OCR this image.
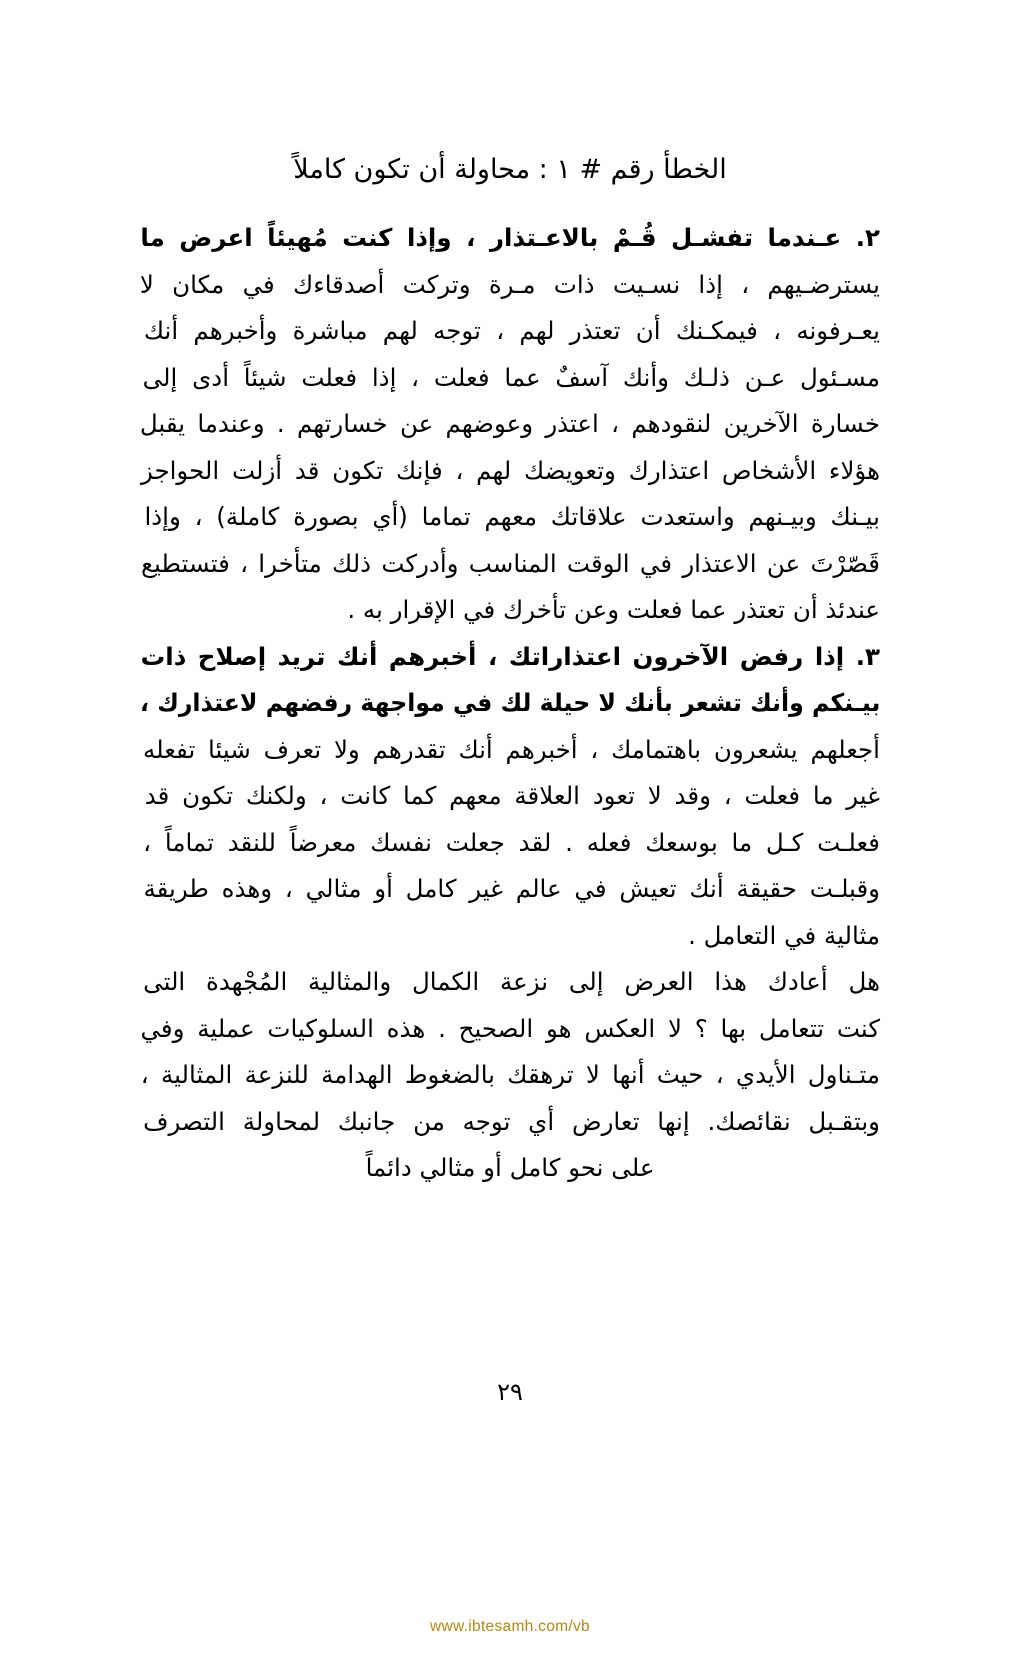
الخطأ رقم # ١ : محاولة أن تكون كاملاً
٢. عـندما تفشـل قُـمْ بالاعـتذار ، وإذا كنت مُهيئاً اعرض ما
يسترضـيهم ، إذا نسـيت ذات مـرة وتركت أصدقاءك في مكان لا
يعـرفونه ، فيمكـنك أن تعتذر لهم ، توجه لهم مباشرة وأخبرهم أنك
مسـئول عـن ذلـك وأنك آسفٌ عما فعلت ، إذا فعلت شيئاً أدى إلى
خسارة الآخرين لنقودهم ، اعتذر وعوضهم عن خسارتهم . وعندما يقبل
هؤلاء الأشخاص اعتذارك وتعويضك لهم ، فإنك تكون قد أزلت الحواجز
بيـنك وبيـنهم واستعدت علاقاتك معهم تماما (أي بصورة كاملة) ، وإذا
قَصّرْتَ عن الاعتذار في الوقت المناسب وأدركت ذلك متأخرا ، فتستطيع
عندئذ أن تعتذر عما فعلت وعن تأخرك في الإقرار به .
٣. إذا رفض الآخرون اعتذاراتك ، أخبرهم أنك تريد إصلاح ذات
بيـنكم وأنك تشعر بأنك لا حيلة لك في مواجهة رفضهم لاعتذارك ،
أجعلهم يشعرون باهتمامك ، أخبرهم أنك تقدرهم ولا تعرف شيئا تفعله
غير ما فعلت ، وقد لا تعود العلاقة معهم كما كانت ، ولكنك تكون قد
فعلـت كـل ما بوسعك فعله . لقد جعلت نفسك معرضاً للنقد تماماً ،
وقبلـت حقيقة أنك تعيش في عالم غير كامل أو مثالي ، وهذه طريقة
مثالية في التعامل .
هل أعادك هذا العرض إلى نزعة الكمال والمثالية المُجْهدة التى
كنت تتعامل بها ؟ لا العكس هو الصحيح . هذه السلوكيات عملية وفي
متـناول الأيدي ، حيث أنها لا ترهقك بالضغوط الهدامة للنزعة المثالية ،
وبتقـبل نقائصك. إنها تعارض أي توجه من جانبك لمحاولة التصرف
على نحو كامل أو مثالي دائماً
٢٩
www.ibtesamh.com/vb
